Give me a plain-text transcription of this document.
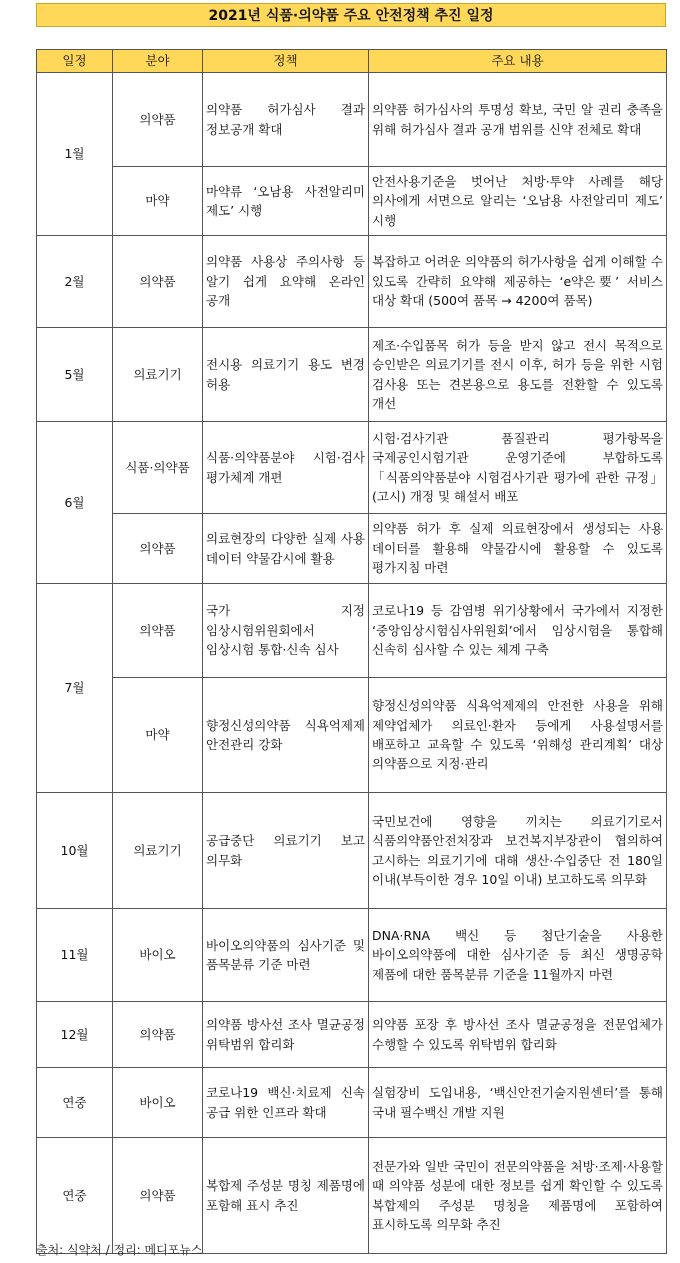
2021년 식품·의약품 주요 안전정책 추진 일정
일정	분야	정책	주요 내용
1월	의약품	의약품 허가심사 결과 정보공개 확대	의약품 허가심사의 투명성 확보, 국민 알 권리 충족을 위해 허가심사 결과 공개 범위를 신약 전체로 확대
	마약	마약류 ‘오남용 사전알리미 제도’ 시행	안전사용기준을 벗어난 처방·투약 사례를 해당 의사에게 서면으로 알리는 ‘오남용 사전알리미 제도’ 시행
2월	의약품	의약품 사용상 주의사항 등 알기 쉽게 요약해 온라인 공개	복잡하고 어려운 의약품의 허가사항을 쉽게 이해할 수 있도록 간략히 요약해 제공하는 ‘e약은要’ 서비스 대상 확대 (500여 품목 → 4200여 품목)
5월	의료기기	전시용 의료기기 용도 변경 허용	제조·수입품목 허가 등을 받지 않고 전시 목적으로 승인받은 의료기기를 전시 이후, 허가 등을 위한 시험 검사용 또는 견본용으로 용도를 전환할 수 있도록 개선
6월	식품·의약품	식품·의약품분야 시험·검사 평가체계 개편	시험·검사기관 품질관리 평가항목을 국제공인시험기관 운영기준에 부합하도록「식품의약품분야 시험검사기관 평가에 관한 규정」(고시) 개정 및 해설서 배포
	의약품	의료현장의 다양한 실제 사용 데이터 약물감시에 활용	의약품 허가 후 실제 의료현장에서 생성되는 사용 데이터를 활용해 약물감시에 활용할 수 있도록 평가지침 마련
7월	의약품	국가 지정 임상시험위원회에서 임상시험 통합·신속 심사	코로나19 등 감염병 위기상황에서 국가에서 지정한 ‘중앙임상시험심사위원회’에서 임상시험을 통합해 신속히 심사할 수 있는 체계 구축
	마약	향정신성의약품 식욕억제제 안전관리 강화	향정신성의약품 식욕억제제의 안전한 사용을 위해 제약업체가 의료인·환자 등에게 사용설명서를 배포하고 교육할 수 있도록 ‘위해성 관리계획’ 대상 의약품으로 지정·관리
10월	의료기기	공급중단 의료기기 보고 의무화	국민보건에 영향을 끼치는 의료기기로서 식품의약품안전처장과 보건복지부장관이 협의하여 고시하는 의료기기에 대해 생산·수입중단 전 180일 이내(부득이한 경우 10일 이내) 보고하도록 의무화
11월	바이오	바이오의약품의 심사기준 및 품목분류 기준 마련	DNA·RNA 백신 등 첨단기술을 사용한 바이오의약품에 대한 심사기준 등 최신 생명공학 제품에 대한 품목분류 기준을 11월까지 마련
12월	의약품	의약품 방사선 조사 멸균공정 위탁범위 합리화	의약품 포장 후 방사선 조사 멸균공정을 전문업체가 수행할 수 있도록 위탁범위 합리화
연중	바이오	코로나19 백신·치료제 신속 공급 위한 인프라 확대	실험장비 도입내용, ‘백신안전기술지원센터’를 통해 국내 필수백신 개발 지원
연중	의약품	복합제 주성분 명칭 제품명에 포함해 표시 추진	전문가와 일반 국민이 전문의약품을 처방·조제·사용할 때 의약품 성분에 대한 정보를 쉽게 확인할 수 있도록 복합제의 주성분 명칭을 제품명에 포함하여 표시하도록 의무화 추진
출처: 식약처 / 정리: 메디포뉴스
